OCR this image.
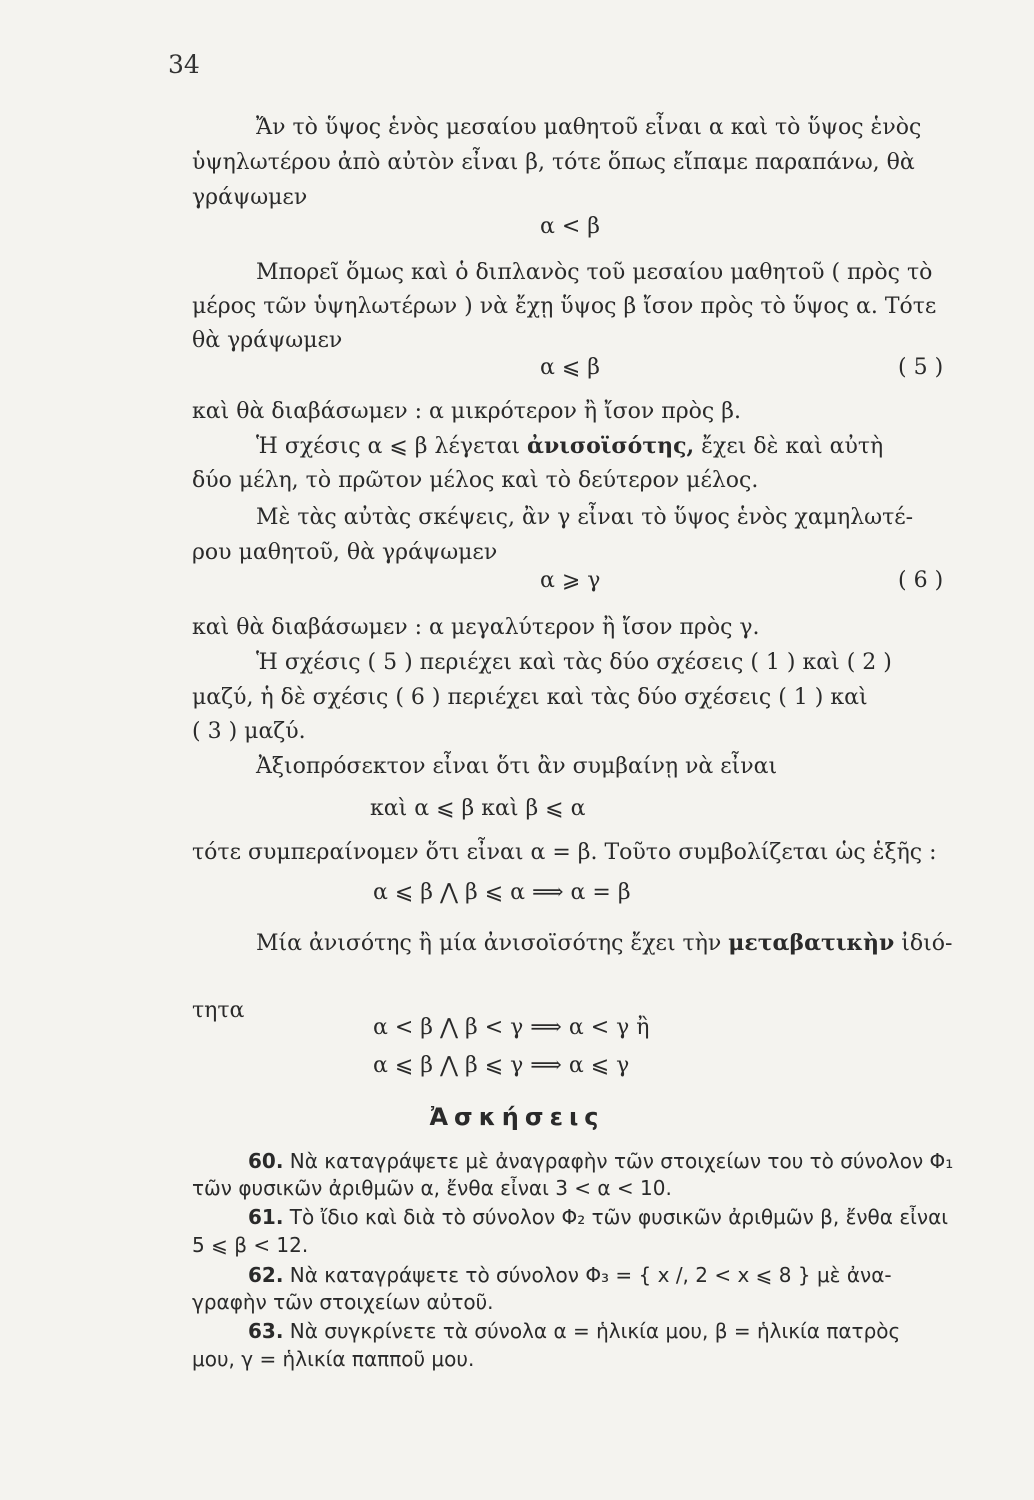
34
Ἄν τὸ ὕψος ἑνὸς μεσαίου μαθητοῦ εἶναι α καὶ τὸ ὕψος ἑνὸς
ὑψηλωτέρου ἀπὸ αὐτὸν εἶναι β, τότε ὅπως εἴπαμε παραπάνω, θὰ
γράψωμεν
α < β
Μπορεῖ ὅμως καὶ ὁ διπλανὸς τοῦ μεσαίου μαθητοῦ ( πρὸς τὸ
μέρος τῶν ὑψηλωτέρων ) νὰ ἔχῃ ὕψος β ἴσον πρὸς τὸ ὕψος α. Τότε
θὰ γράψωμεν
α ⩽ β	( 5 )
καὶ θὰ διαβάσωμεν : α μικρότερον ἢ ἴσον πρὸς β.
Ἡ σχέσις α ⩽ β λέγεται ἀνισοϊσότης, ἔχει δὲ καὶ αὐτὴ
δύο μέλη, τὸ πρῶτον μέλος καὶ τὸ δεύτερον μέλος.
Μὲ τὰς αὐτὰς σκέψεις, ἂν γ εἶναι τὸ ὕψος ἑνὸς χαμηλωτέ-
ρου μαθητοῦ, θὰ γράψωμεν
α ⩾ γ	( 6 )
καὶ θὰ διαβάσωμεν : α μεγαλύτερον ἢ ἴσον πρὸς γ.
Ἡ σχέσις ( 5 ) περιέχει καὶ τὰς δύο σχέσεις ( 1 ) καὶ ( 2 )
μαζύ, ἡ δὲ σχέσις ( 6 ) περιέχει καὶ τὰς δύο σχέσεις ( 1 ) καὶ
( 3 ) μαζύ.
Ἀξιοπρόσεκτον εἶναι ὅτι ἂν συμβαίνῃ νὰ εἶναι
καὶ α ⩽ β καὶ β ⩽ α
τότε συμπεραίνομεν ὅτι εἶναι α = β. Τοῦτο συμβολίζεται ὡς ἑξῆς :
α ⩽ β ⋀ β ⩽ α ⟹ α = β
Μία ἀνισότης ἢ μία ἀνισοϊσότης ἔχει τὴν μεταβατικὴν ἰδιό-
τητα
α < β ⋀ β < γ ⟹ α < γ ἢ
α ⩽ β ⋀ β ⩽ γ ⟹ α ⩽ γ
Ἀσκήσεις
60. Νὰ καταγράψετε μὲ ἀναγραφὴν τῶν στοιχείων του τὸ σύνολον Φ₁
τῶν φυσικῶν ἀριθμῶν α, ἔνθα εἶναι 3 < α < 10.
61. Τὸ ἴδιο καὶ διὰ τὸ σύνολον Φ₂ τῶν φυσικῶν ἀριθμῶν β, ἔνθα εἶναι
5 ⩽ β < 12.
62. Νὰ καταγράψετε τὸ σύνολον Φ₃ = { x /, 2 < x ⩽ 8 } μὲ ἀνα-
γραφὴν τῶν στοιχείων αὐτοῦ.
63. Νὰ συγκρίνετε τὰ σύνολα α = ἡλικία μου, β = ἡλικία πατρὸς
μου, γ = ἡλικία παπποῦ μου.
